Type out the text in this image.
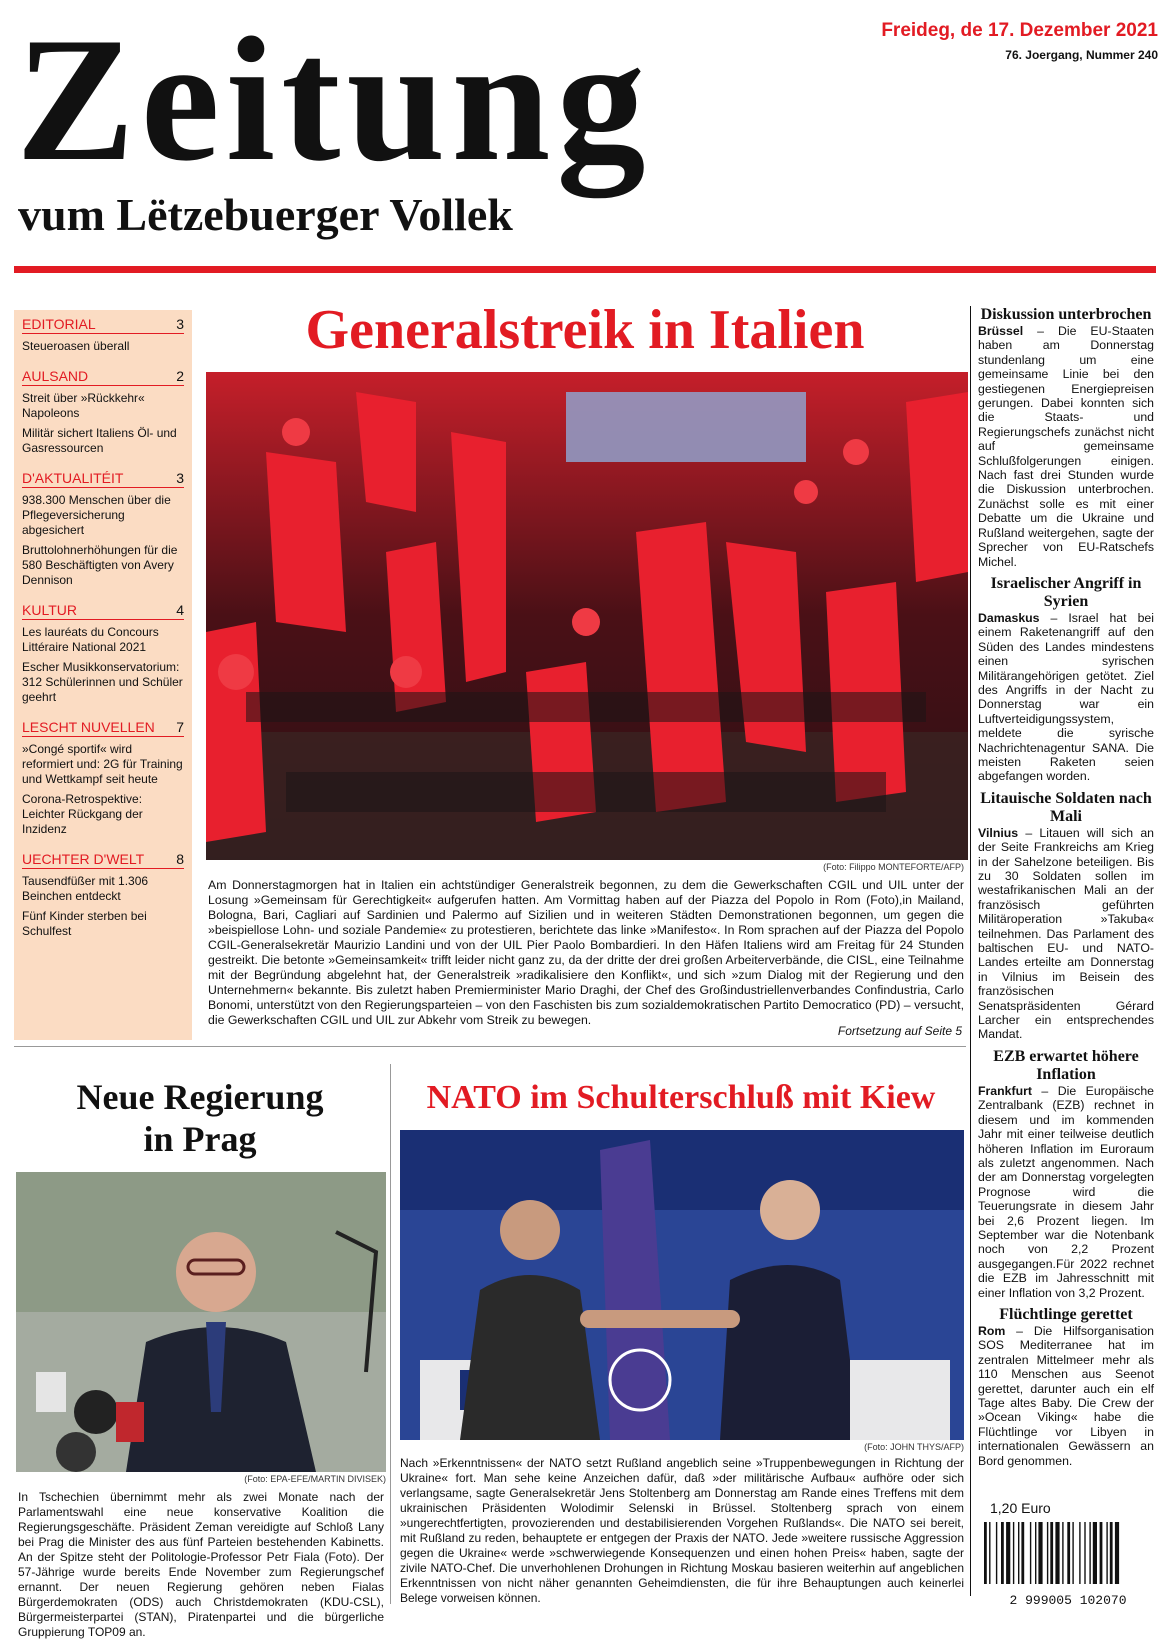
Zeitung
vum Lëtzebuerger Vollek
Freideg, de 17. Dezember 2021
76. Joergang, Nummer 240
EDITORIAL	3
Steueroasen überall
AULSAND	2
Streit über »Rückkehr« Napoleons
Militär sichert Italiens Öl- und Gasressourcen
D'AKTUALITÉIT	3
938.300 Menschen über die Pflegeversicherung abgesichert
Bruttolohnerhöhungen für die 580 Beschäftigten von Avery Dennison
KULTUR	4
Les lauréats du Concours Littéraire National 2021
Escher Musikkonservatorium: 312 Schülerinnen und Schüler geehrt
LESCHT NUVELLEN 7
»Congé sportif« wird reformiert und: 2G für Training und Wettkampf seit heute
Corona-Retrospektive: Leichter Rückgang der Inzidenz
UECHTER D'WELT 8
Tausendfüßer mit 1.306 Beinchen entdeckt
Fünf Kinder sterben bei Schulfest
Generalstreik in Italien
(Foto: Filippo MONTEFORTE/AFP)
Am Donnerstagmorgen hat in Italien ein achtstündiger Generalstreik begonnen, zu dem die Gewerkschaften CGIL und UIL unter der Losung »Gemeinsam für Gerechtigkeit« aufgerufen hatten. Am Vormittag haben auf der Piazza del Popolo in Rom (Foto),in Mailand, Bologna, Bari, Cagliari auf Sardinien und Palermo auf Sizilien und in weiteren Städten Demonstrationen begonnen, um gegen die »beispiellose Lohn- und soziale Pandemie« zu protestieren, berichtete das linke »Manifesto«. In Rom sprachen auf der Piazza del Popolo CGIL-Generalsekretär Maurizio Landini und von der UIL Pier Paolo Bombardieri. In den Häfen Italiens wird am Freitag für 24 Stunden gestreikt. Die betonte »Gemeinsamkeit« trifft leider nicht ganz zu, da der dritte der drei großen Arbeiterverbände, die CISL, eine Teilnahme mit der Begründung abgelehnt hat, der Generalstreik »radikalisiere den Konflikt«, und sich »zum Dialog mit der Regierung und den Unternehmern« bekannte. Bis zuletzt haben Premierminister Mario Draghi, der Chef des Großindustriellenverbandes Confindustria, Carlo Bonomi, unterstützt von den Regierungsparteien – von den Faschisten bis zum sozialdemokratischen Partito Democratico (PD) – versucht, die Gewerkschaften CGIL und UIL zur Abkehr vom Streik zu bewegen.
Fortsetzung auf Seite 5
Diskussion unterbrochen
Brüssel – Die EU-Staaten haben am Donnerstag stundenlang um eine gemeinsame Linie bei den gestiegenen Energiepreisen gerungen. Dabei konnten sich die Staats- und Regierungschefs zunächst nicht auf gemeinsame Schlußfolgerungen einigen. Nach fast drei Stunden wurde die Diskussion unterbrochen. Zunächst solle es mit einer Debatte um die Ukraine und Rußland weitergehen, sagte der Sprecher von EU-Ratschefs Michel.
Israelischer Angriff in Syrien
Damaskus – Israel hat bei einem Raketenangriff auf den Süden des Landes mindestens einen syrischen Militärangehörigen getötet. Ziel des Angriffs in der Nacht zu Donnerstag war ein Luftverteidigungssystem, meldete die syrische Nachrichtenagentur SANA. Die meisten Raketen seien abgefangen worden.
Litauische Soldaten nach Mali
Vilnius – Litauen will sich an der Seite Frankreichs am Krieg in der Sahelzone beteiligen. Bis zu 30 Soldaten sollen im westafrikanischen Mali an der französisch geführten Militäroperation »Takuba« teilnehmen. Das Parlament des baltischen EU- und NATO-Landes erteilte am Donnerstag in Vilnius im Beisein des französischen Senatspräsidenten Gérard Larcher ein entsprechendes Mandat.
EZB erwartet höhere Inflation
Frankfurt – Die Europäische Zentralbank (EZB) rechnet in diesem und im kommenden Jahr mit einer teilweise deutlich höheren Inflation im Euroraum als zuletzt angenommen. Nach der am Donnerstag vorgelegten Prognose wird die Teuerungsrate in diesem Jahr bei 2,6 Prozent liegen. Im September war die Notenbank noch von 2,2 Prozent ausgegangen.Für 2022 rechnet die EZB im Jahresschnitt mit einer Inflation von 3,2 Prozent.
Flüchtlinge gerettet
Rom – Die Hilfsorganisation SOS Mediterranee hat im zentralen Mittelmeer mehr als 110 Menschen aus Seenot gerettet, darunter auch ein elf Tage altes Baby. Die Crew der »Ocean Viking« habe die Flüchtlinge vor Libyen in internationalen Gewässern an Bord genommen.
Neue Regierung
in Prag
(Foto: EPA-EFE/MARTIN DIVISEK)
In Tschechien übernimmt mehr als zwei Monate nach der Parlamentswahl eine neue konservative Koalition die Regierungsgeschäfte. Präsident Zeman vereidigte auf Schloß Lany bei Prag die Minister des aus fünf Parteien bestehenden Kabinetts. An der Spitze steht der Politologie-Professor Petr Fiala (Foto). Der 57-Jährige wurde bereits Ende November zum Regierungschef ernannt. Der neuen Regierung gehören neben Fialas Bürgerdemokraten (ODS) auch Christdemokraten (KDU-CSL), Bürgermeisterpartei (STAN), Piratenpartei und die bürgerliche Gruppierung TOP09 an.
NATO im Schulterschluß mit Kiew
(Foto: JOHN THYS/AFP)
Nach »Erkenntnissen« der NATO setzt Rußland angeblich seine »Truppenbewegungen in Richtung der Ukraine« fort. Man sehe keine Anzeichen dafür, daß »der militärische Aufbau« aufhöre oder sich verlangsame, sagte Generalsekretär Jens Stoltenberg am Donnerstag am Rande eines Treffens mit dem ukrainischen Präsidenten Wolodimir Selenski in Brüssel. Stoltenberg sprach von einem »ungerechtfertigten, provozierenden und destabilisierenden Vorgehen Rußlands«. Die NATO sei bereit, mit Rußland zu reden, behauptete er entgegen der Praxis der NATO. Jede »weitere russische Aggression gegen die Ukraine« werde »schwerwiegende Konsequenzen und einen hohen Preis« haben, sagte der zivile NATO-Chef. Die unverhohlenen Drohungen in Richtung Moskau basieren weiterhin auf angeblichen Erkenntnissen von nicht näher genannten Geheimdiensten, die für ihre Behauptungen auch keinerlei Belege vorweisen können.
1,20 Euro
2 999005 102070
